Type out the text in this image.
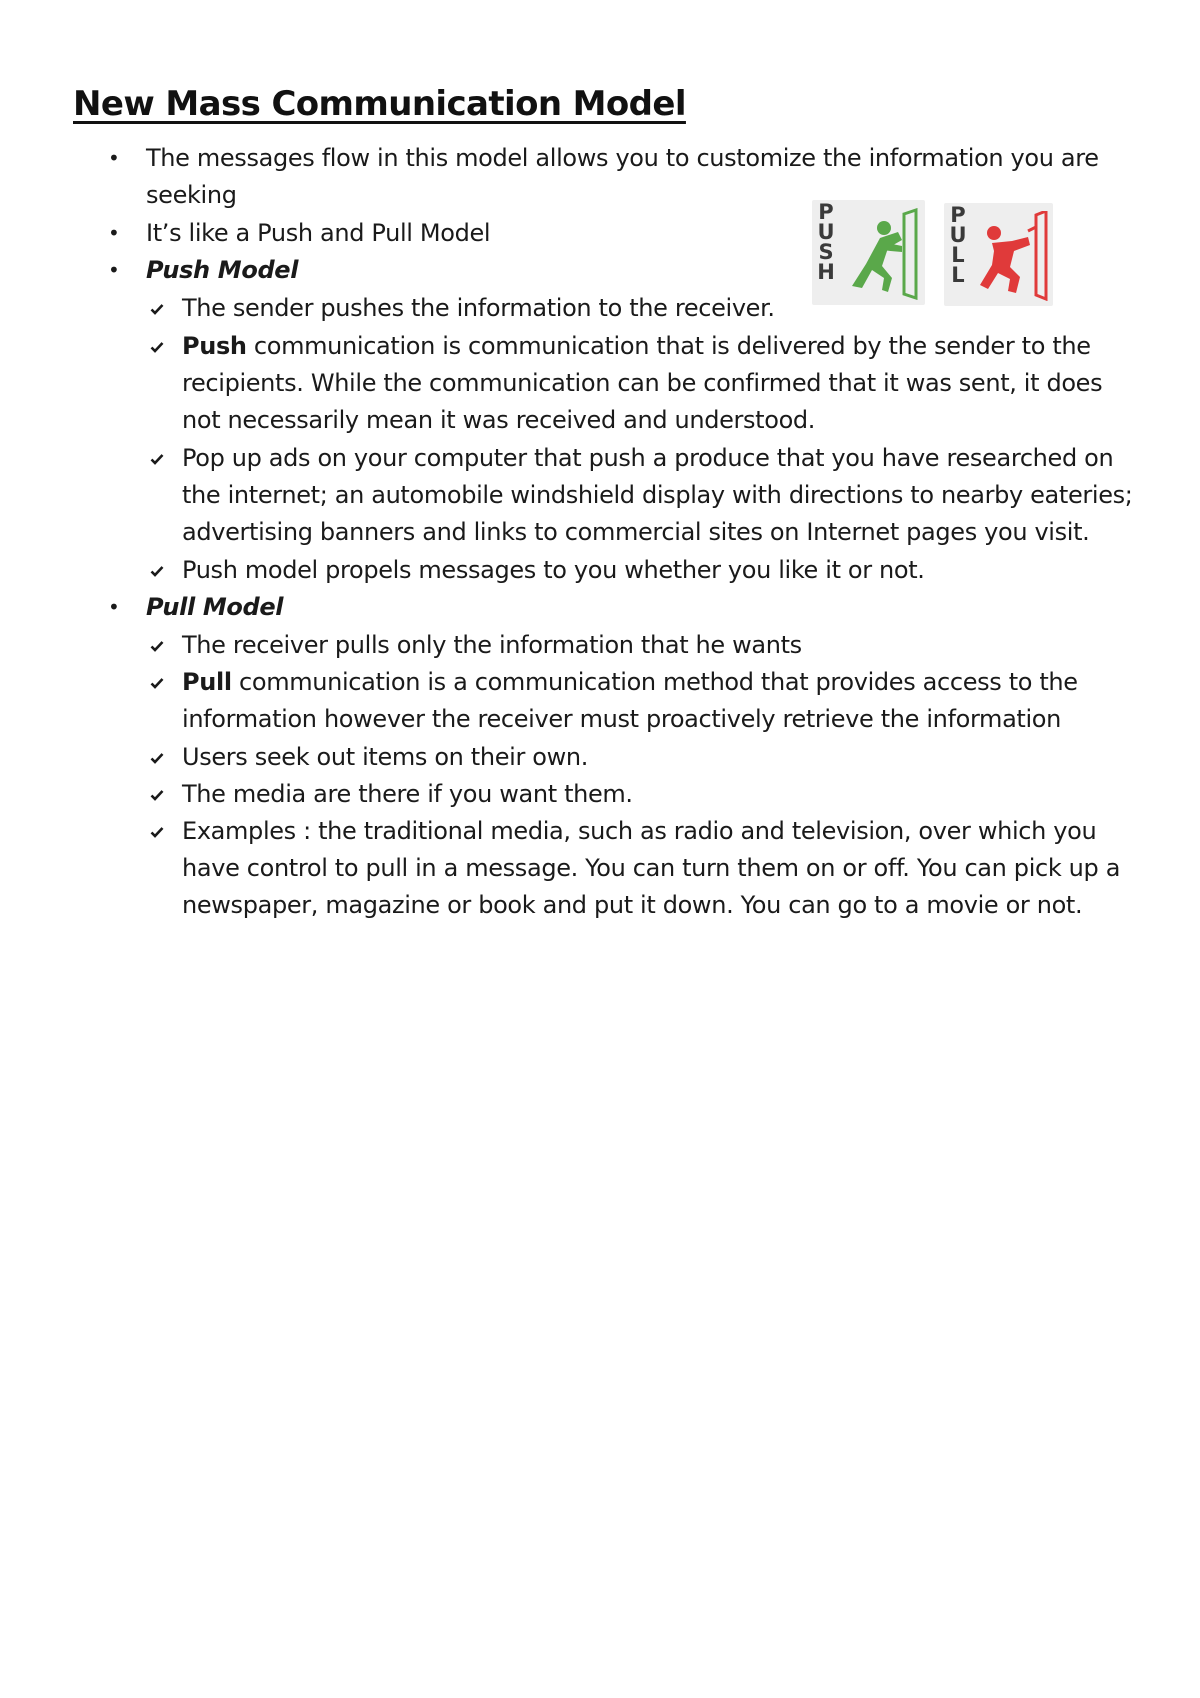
New Mass Communication Model
• The messages flow in this model allows you to customize the information you are
seeking
• It’s like a Push and Pull Model
• Push Model
The sender pushes the information to the receiver.
Push communication is communication that is delivered by the sender to the
recipients. While the communication can be confirmed that it was sent, it does
not necessarily mean it was received and understood.
Pop up ads on your computer that push a produce that you have researched on
the internet; an automobile windshield display with directions to nearby eateries;
advertising banners and links to commercial sites on Internet pages you visit.
Push model propels messages to you whether you like it or not.
• Pull Model
The receiver pulls only the information that he wants
Pull communication is a communication method that provides access to the
information however the receiver must proactively retrieve the information
Users seek out items on their own.
The media are there if you want them.
Examples : the traditional media, such as radio and television, over which you
have control to pull in a message. You can turn them on or off. You can pick up a
newspaper, magazine or book and put it down. You can go to a movie or not.
P
U
S
H
P
U
L
L
